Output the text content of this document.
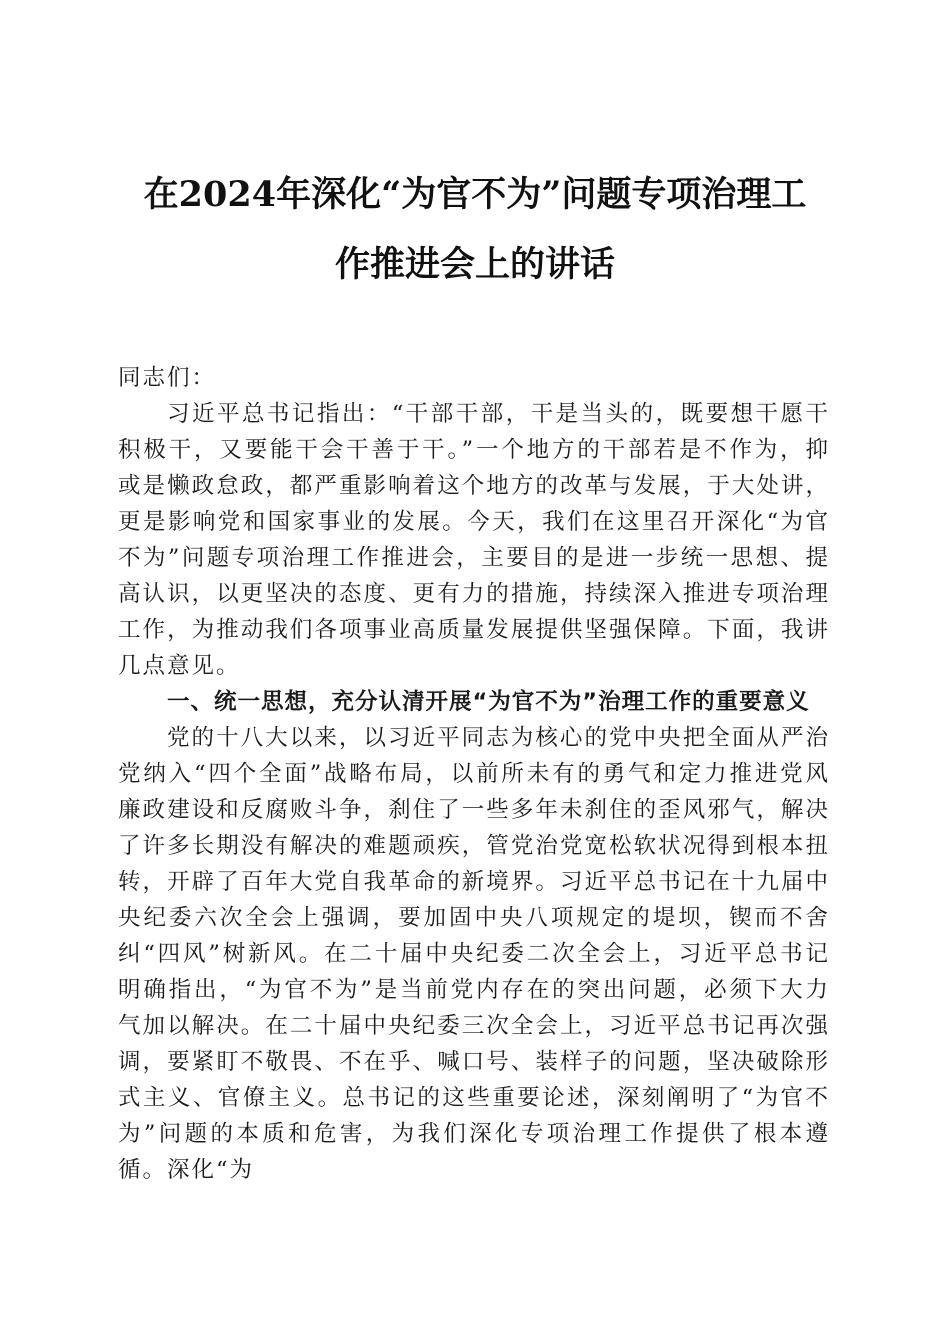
在2024年深化“为官不为”问题专项治理工
作推进会上的讲话

同志们：

习近平总书记指出：“干部干部，干是当头的，既要想干愿干积极干，又要能干会干善于干。”一个地方的干部若是不作为，抑或是懒政怠政，都严重影响着这个地方的改革与发展，于大处讲，更是影响党和国家事业的发展。今天，我们在这里召开深化“为官不为”问题专项治理工作推进会，主要目的是进一步统一思想、提高认识，以更坚决的态度、更有力的措施，持续深入推进专项治理工作，为推动我们各项事业高质量发展提供坚强保障。下面，我讲几点意见。

一、统一思想，充分认清开展“为官不为”治理工作的重要意义

党的十八大以来，以习近平同志为核心的党中央把全面从严治党纳入“四个全面”战略布局，以前所未有的勇气和定力推进党风廉政建设和反腐败斗争，刹住了一些多年未刹住的歪风邪气，解决了许多长期没有解决的难题顽疾，管党治党宽松软状况得到根本扭转，开辟了百年大党自我革命的新境界。习近平总书记在十九届中央纪委六次全会上强调，要加固中央八项规定的堤坝，锲而不舍纠“四风”树新风。在二十届中央纪委二次全会上，习近平总书记明确指出，“为官不为”是当前党内存在的突出问题，必须下大力气加以解决。在二十届中央纪委三次全会上，习近平总书记再次强调，要紧盯不敬畏、不在乎、喊口号、装样子的问题，坚决破除形式主义、官僚主义。总书记的这些重要论述，深刻阐明了“为官不为”问题的本质和危害，为我们深化专项治理工作提供了根本遵循。深化“为
